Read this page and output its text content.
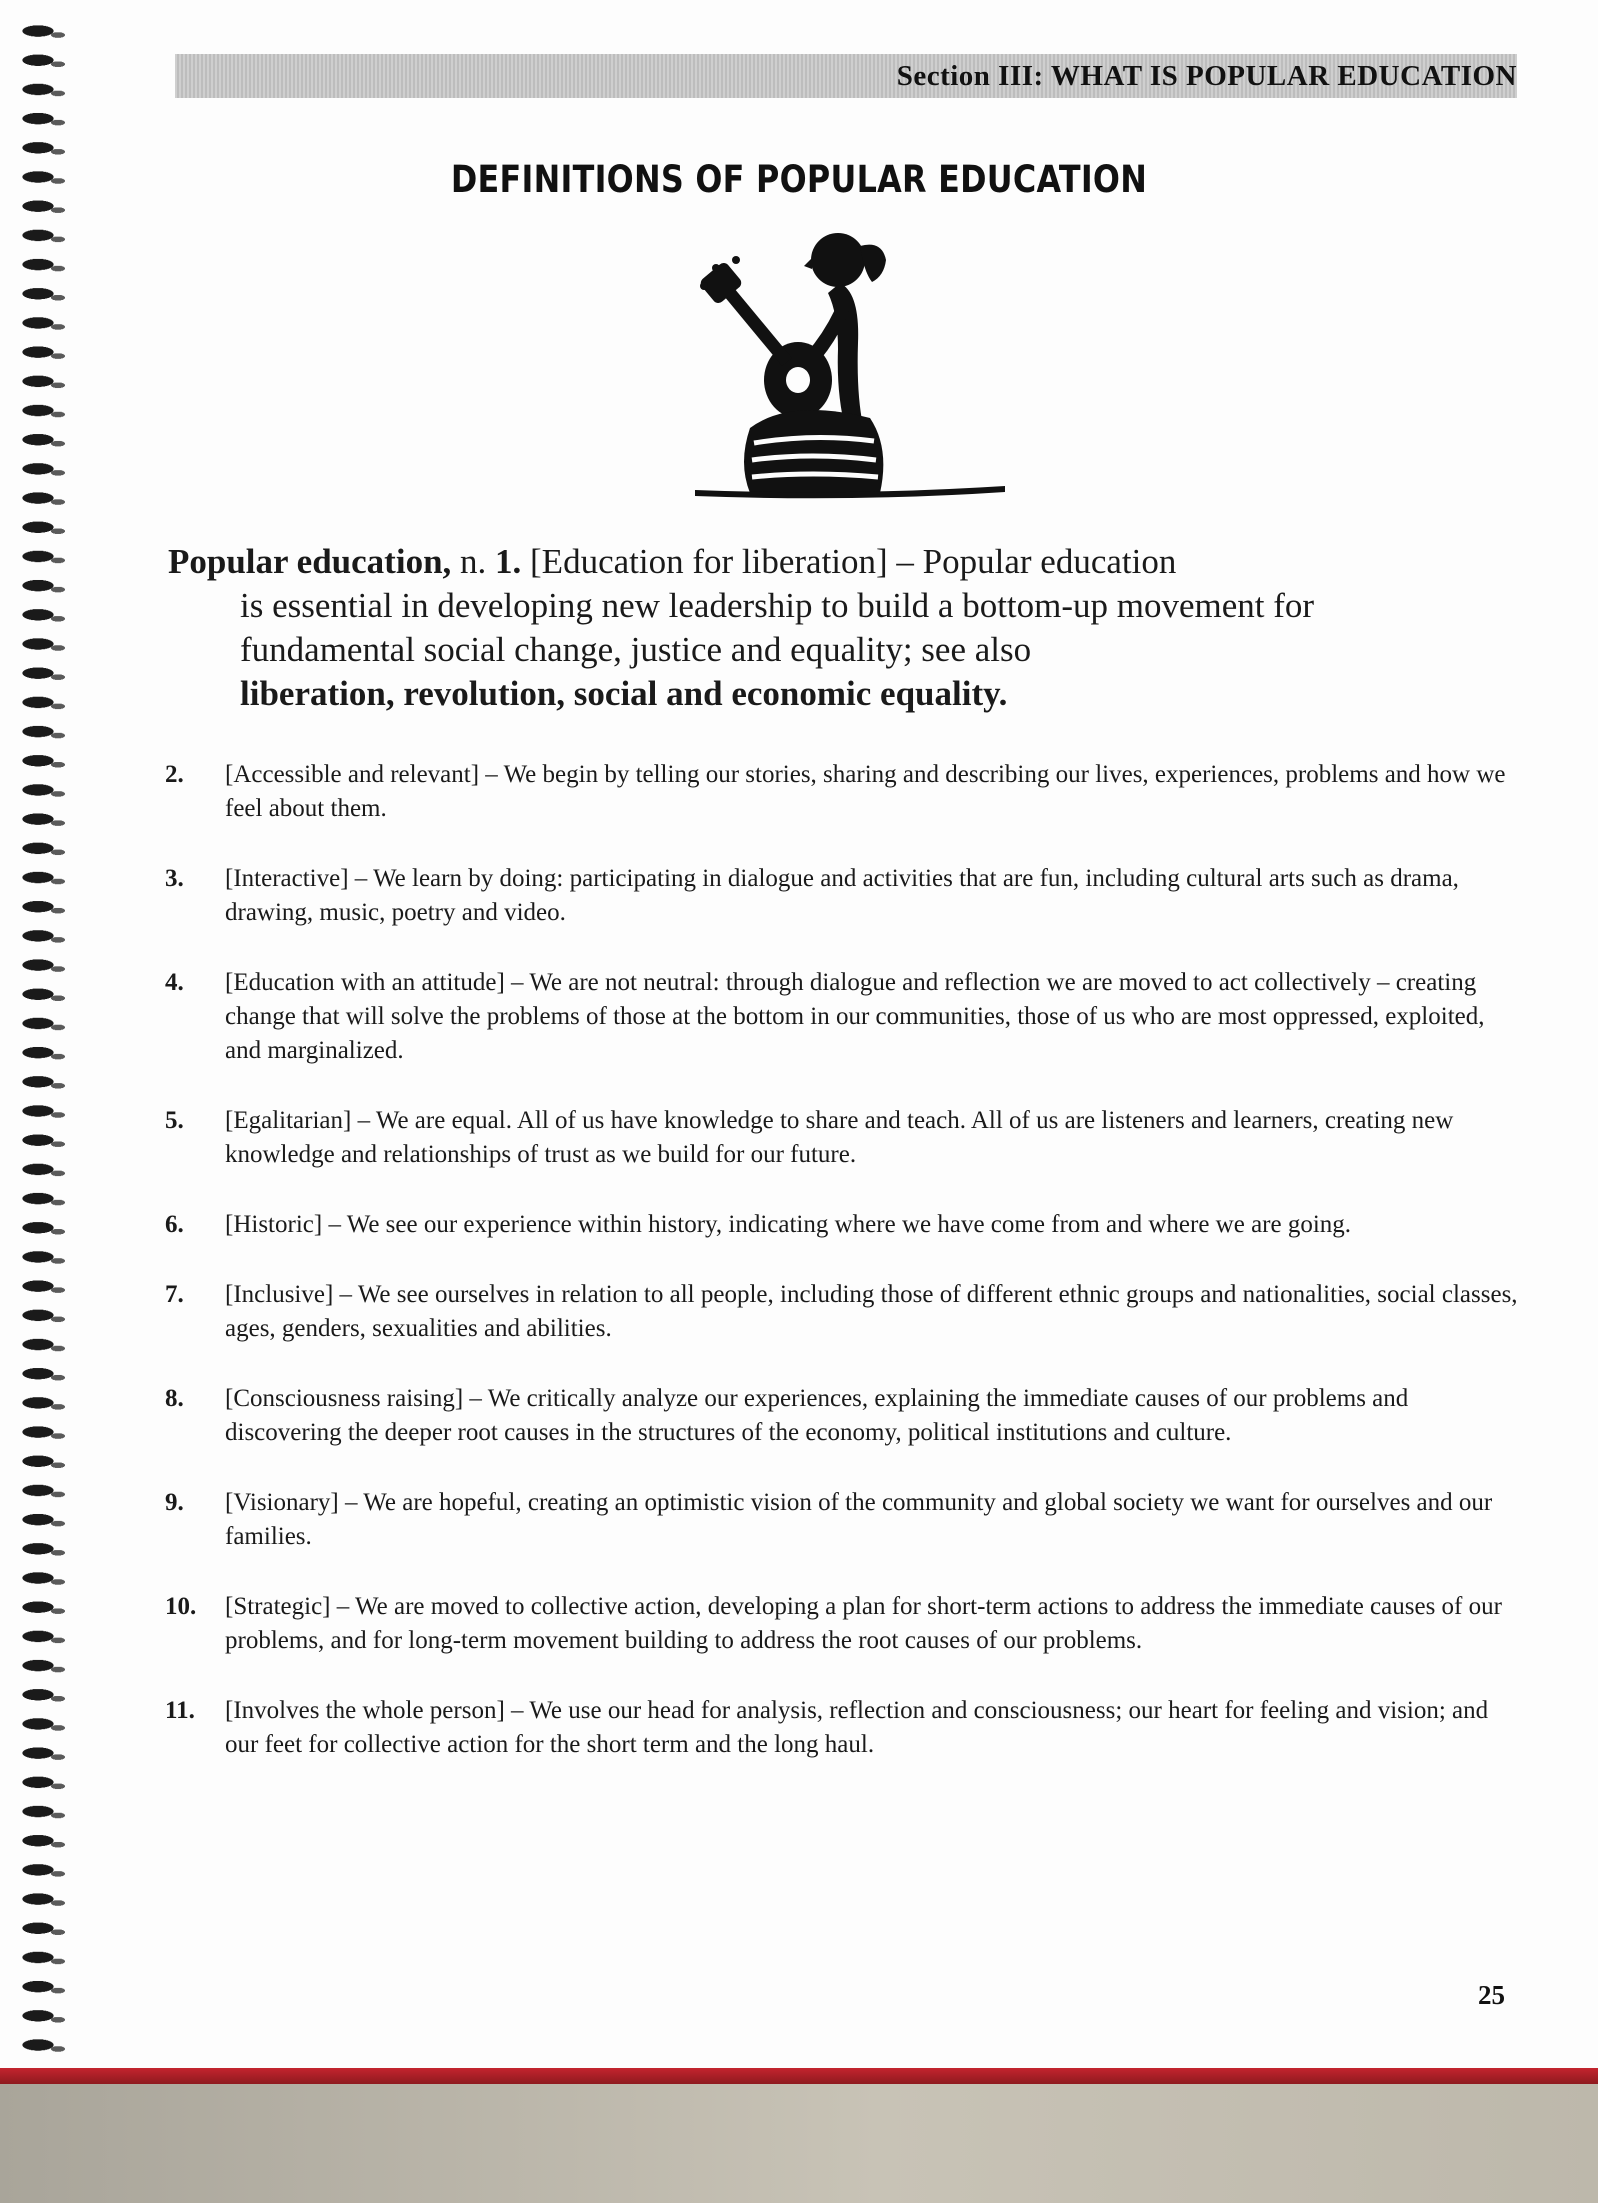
Section III: WHAT IS POPULAR EDUCATION
DEFINITIONS OF POPULAR EDUCATION
Popular education, n. 1. [Education for liberation] – Popular education
is essential in developing new leadership to build a bottom-up movement for
fundamental social change, justice and equality; see also
liberation, revolution, social and economic equality.
2.	[Accessible and relevant] – We begin by telling our stories, sharing and describing our lives, experiences, problems and how we feel about them.
3.	[Interactive] – We learn by doing: participating in dialogue and activities that are fun, including cultural arts such as drama, drawing, music, poetry and video.
4.	[Education with an attitude] – We are not neutral: through dialogue and reflection we are moved to act collectively – creating change that will solve the problems of those at the bottom in our communities, those of us who are most oppressed, exploited, and marginalized.
5.	[Egalitarian] – We are equal. All of us have knowledge to share and teach. All of us are listeners and learners, creating new knowledge and relationships of trust as we build for our future.
6.	[Historic] – We see our experience within history, indicating where we have come from and where we are going.
7.	[Inclusive] – We see ourselves in relation to all people, including those of different ethnic groups and nationalities, social classes, ages, genders, sexualities and abilities.
8.	[Consciousness raising] – We critically analyze our experiences, explaining the immediate causes of our problems and discovering the deeper root causes in the structures of the economy, political institutions and culture.
9.	[Visionary] – We are hopeful, creating an optimistic vision of the community and global society we want for ourselves and our families.
10.	[Strategic] – We are moved to collective action, developing a plan for short-term actions to address the immediate causes of our problems, and for long-term movement building to address the root causes of our problems.
11.	[Involves the whole person] – We use our head for analysis, reflection and consciousness; our heart for feeling and vision; and our feet for collective action for the short term and the long haul.
25
